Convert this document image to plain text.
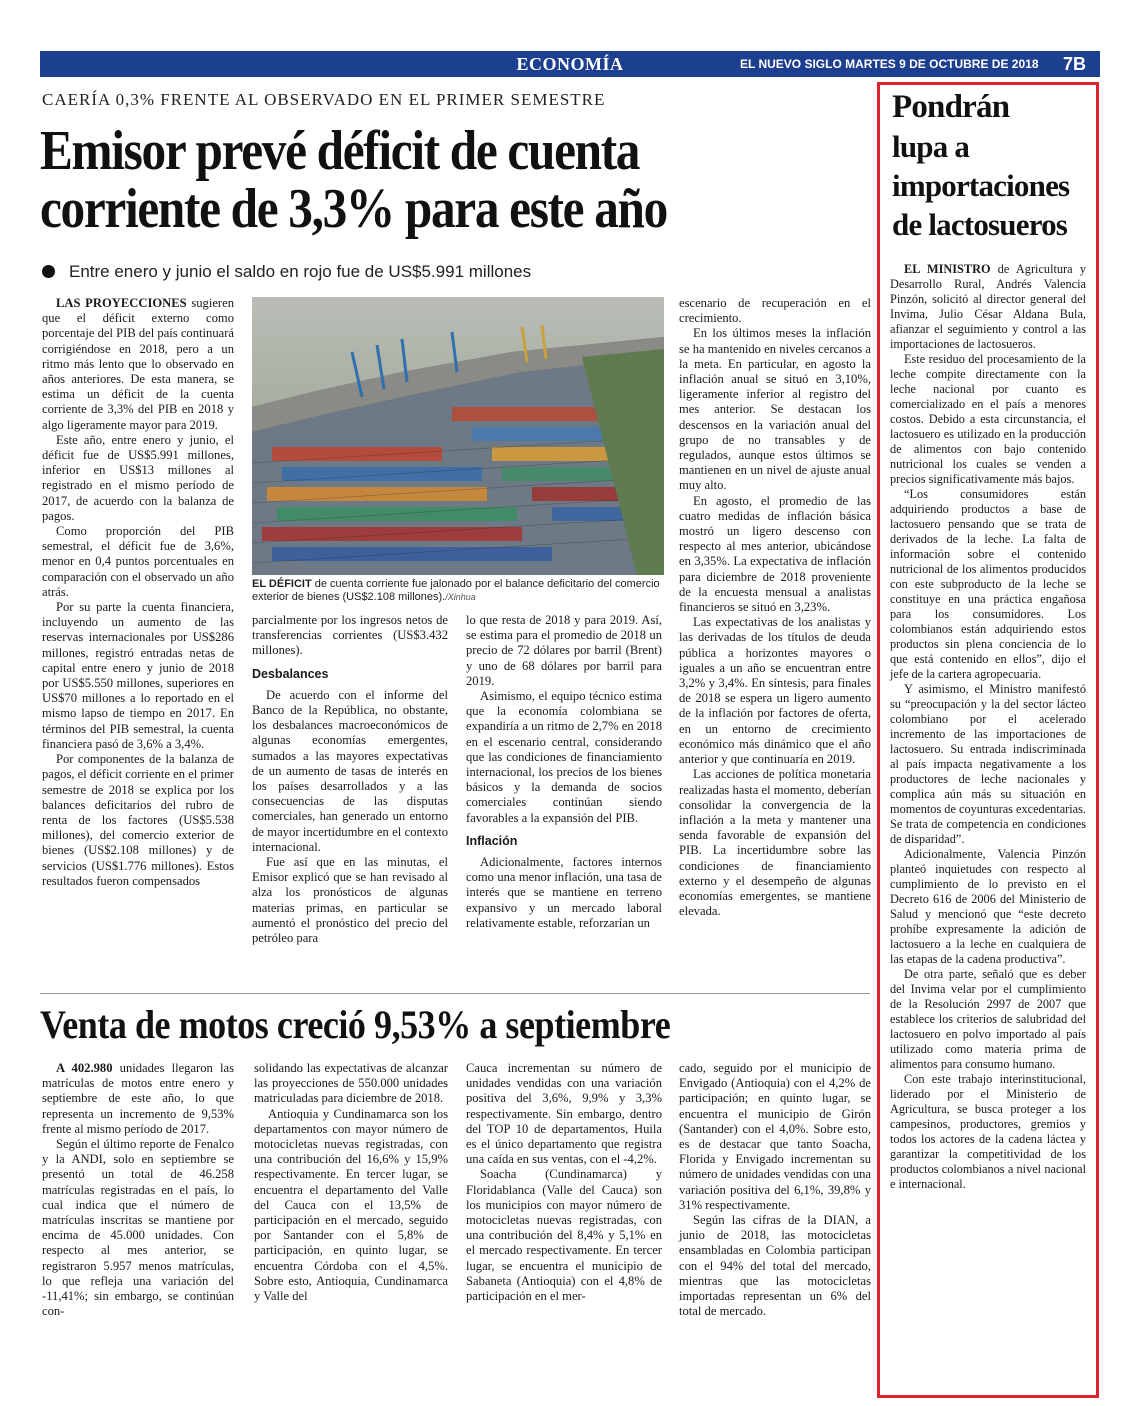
ECONOMÍA	EL NUEVO SIGLO MARTES 9 DE OCTUBRE DE 2018	7B
CAERÍA 0,3% FRENTE AL OBSERVADO EN EL PRIMER SEMESTRE
Emisor prevé déficit de cuenta
corriente de 3,3% para este año
Entre enero y junio el saldo en rojo fue de US$5.991 millones

LAS PROYECCIONES sugieren que el déficit externo como porcentaje del PIB del país continuará corrigiéndose en 2018, pero a un ritmo más lento que lo observado en años anteriores. De esta manera, se estima un déficit de la cuenta corriente de 3,3% del PIB en 2018 y algo ligeramente mayor para 2019.

Este año, entre enero y junio, el déficit fue de US$5.991 millones, inferior en US$13 millones al registrado en el mismo período de 2017, de acuerdo con la balanza de pagos.

Como proporción del PIB semestral, el déficit fue de 3,6%, menor en 0,4 puntos porcentuales en comparación con el observado un año atrás.

Por su parte la cuenta financiera, incluyendo un aumento de las reservas internacionales por US$286 millones, registró entradas netas de capital entre enero y junio de 2018 por US$5.550 millones, superiores en US$70 millones a lo reportado en el mismo lapso de tiempo en 2017. En términos del PIB semestral, la cuenta financiera pasó de 3,6% a 3,4%.

Por componentes de la balanza de pagos, el déficit corriente en el primer semestre de 2018 se explica por los balances deficitarios del rubro de renta de los factores (US$5.538 millones), del comercio exterior de bienes (US$2.108 millones) y de servicios (US$1.776 millones). Estos resultados fueron compensados

EL DÉFICIT de cuenta corriente fue jalonado por el balance deficitario del comercio exterior de bienes (US$2.108 millones)./Xinhua

parcialmente por los ingresos netos de transferencias corrientes (US$3.432 millones).

Desbalances

De acuerdo con el informe del Banco de la República, no obstante, los desbalances macroeconómicos de algunas economías emergentes, sumados a las mayores expectativas de un aumento de tasas de interés en los países desarrollados y a las consecuencias de las disputas comerciales, han generado un entorno de mayor incertidumbre en el contexto internacional.

Fue así que en las minutas, el Emisor explicó que se han revisado al alza los pronósticos de algunas materias primas, en particular se aumentó el pronóstico del precio del petróleo para

lo que resta de 2018 y para 2019. Así, se estima para el promedio de 2018 un precio de 72 dólares por barril (Brent) y uno de 68 dólares por barril para 2019.

Asimismo, el equipo técnico estima que la economía colombiana se expandiría a un ritmo de 2,7% en 2018 en el escenario central, considerando que las condiciones de financiamiento internacional, los precios de los bienes básicos y la demanda de socios comerciales continúan siendo favorables a la expansión del PIB.

Inflación

Adicionalmente, factores internos como una menor inflación, una tasa de interés que se mantiene en terreno expansivo y un mercado laboral relativamente estable, reforzarían un

escenario de recuperación en el crecimiento.

En los últimos meses la inflación se ha mantenido en niveles cercanos a la meta. En particular, en agosto la inflación anual se situó en 3,10%, ligeramente inferior al registro del mes anterior. Se destacan los descensos en la variación anual del grupo de no transables y de regulados, aunque estos últimos se mantienen en un nivel de ajuste anual muy alto.

En agosto, el promedio de las cuatro medidas de inflación básica mostró un ligero descenso con respecto al mes anterior, ubicándose en 3,35%. La expectativa de inflación para diciembre de 2018 proveniente de la encuesta mensual a analistas financieros se situó en 3,23%.

Las expectativas de los analistas y las derivadas de los títulos de deuda pública a horizontes mayores o iguales a un año se encuentran entre 3,2% y 3,4%. En síntesis, para finales de 2018 se espera un ligero aumento de la inflación por factores de oferta, en un entorno de crecimiento económico más dinámico que el año anterior y que continuaría en 2019.

Las acciones de política monetaria realizadas hasta el momento, deberían consolidar la convergencia de la inflación a la meta y mantener una senda favorable de expansión del PIB. La incertidumbre sobre las condiciones de financiamiento externo y el desempeño de algunas economías emergentes, se mantiene elevada.

Venta de motos creció 9,53% a septiembre

A 402.980 unidades llegaron las matrículas de motos entre enero y septiembre de este año, lo que representa un incremento de 9,53% frente al mismo período de 2017.

Según el último reporte de Fenalco y la ANDI, solo en septiembre se presentó un total de 46.258 matrículas registradas en el país, lo cual indica que el número de matrículas inscritas se mantiene por encima de 45.000 unidades. Con respecto al mes anterior, se registraron 5.957 menos matrículas, lo que refleja una variación del -11,41%; sin embargo, se continúan con-

solidando las expectativas de alcanzar las proyecciones de 550.000 unidades matriculadas para diciembre de 2018.

Antioquia y Cundinamarca son los departamentos con mayor número de motocicletas nuevas registradas, con una contribución del 16,6% y 15,9% respectivamente. En tercer lugar, se encuentra el departamento del Valle del Cauca con el 13,5% de participación en el mercado, seguido por Santander con el 5,8% de participación, en quinto lugar, se encuentra Córdoba con el 4,5%. Sobre esto, Antioquia, Cundinamarca y Valle del

Cauca incrementan su número de unidades vendidas con una variación positiva del 3,6%, 9,9% y 3,3% respectivamente. Sin embargo, dentro del TOP 10 de departamentos, Huila es el único departamento que registra una caída en sus ventas, con el -4,2%.

Soacha (Cundinamarca) y Floridablanca (Valle del Cauca) son los municipios con mayor número de motocicletas nuevas registradas, con una contribución del 8,4% y 5,1% en el mercado respectivamente. En tercer lugar, se encuentra el municipio de Sabaneta (Antioquia) con el 4,8% de participación en el mer-

cado, seguido por el municipio de Envigado (Antioquia) con el 4,2% de participación; en quinto lugar, se encuentra el municipio de Girón (Santander) con el 4,0%. Sobre esto, es de destacar que tanto Soacha, Florida y Envigado incrementan su número de unidades vendidas con una variación positiva del 6,1%, 39,8% y 31% respectivamente.

Según las cifras de la DIAN, a junio de 2018, las motocicletas ensambladas en Colombia participan con el 94% del total del mercado, mientras que las motocicletas importadas representan un 6% del total de mercado.

Pondrán
lupa a
importaciones
de lactosueros

EL MINISTRO de Agricultura y Desarrollo Rural, Andrés Valencia Pinzón, solicitó al director general del Invima, Julio César Aldana Bula, afianzar el seguimiento y control a las importaciones de lactosueros.

Este residuo del procesamiento de la leche compite directamente con la leche nacional por cuanto es comercializado en el país a menores costos. Debido a esta circunstancia, el lactosuero es utilizado en la producción de alimentos con bajo contenido nutricional los cuales se venden a precios significativamente más bajos.

“Los consumidores están adquiriendo productos a base de lactosuero pensando que se trata de derivados de la leche. La falta de información sobre el contenido nutricional de los alimentos producidos con este subproducto de la leche se constituye en una práctica engañosa para los consumidores. Los colombianos están adquiriendo estos productos sin plena conciencia de lo que está contenido en ellos”, dijo el jefe de la cartera agropecuaria.

Y asimismo, el Ministro manifestó su “preocupación y la del sector lácteo colombiano por el acelerado incremento de las importaciones de lactosuero. Su entrada indiscriminada al país impacta negativamente a los productores de leche nacionales y complica aún más su situación en momentos de coyunturas excedentarias. Se trata de competencia en condiciones de disparidad”.

Adicionalmente, Valencia Pinzón planteó inquietudes con respecto al cumplimiento de lo previsto en el Decreto 616 de 2006 del Ministerio de Salud y mencionó que “este decreto prohíbe expresamente la adición de lactosuero a la leche en cualquiera de las etapas de la cadena productiva”.

De otra parte, señaló que es deber del Invima velar por el cumplimiento de la Resolución 2997 de 2007 que establece los criterios de salubridad del lactosuero en polvo importado al país utilizado como materia prima de alimentos para consumo humano.

Con este trabajo interinstitucional, liderado por el Ministerio de Agricultura, se busca proteger a los campesinos, productores, gremios y todos los actores de la cadena láctea y garantizar la competitividad de los productos colombianos a nivel nacional e internacional.
